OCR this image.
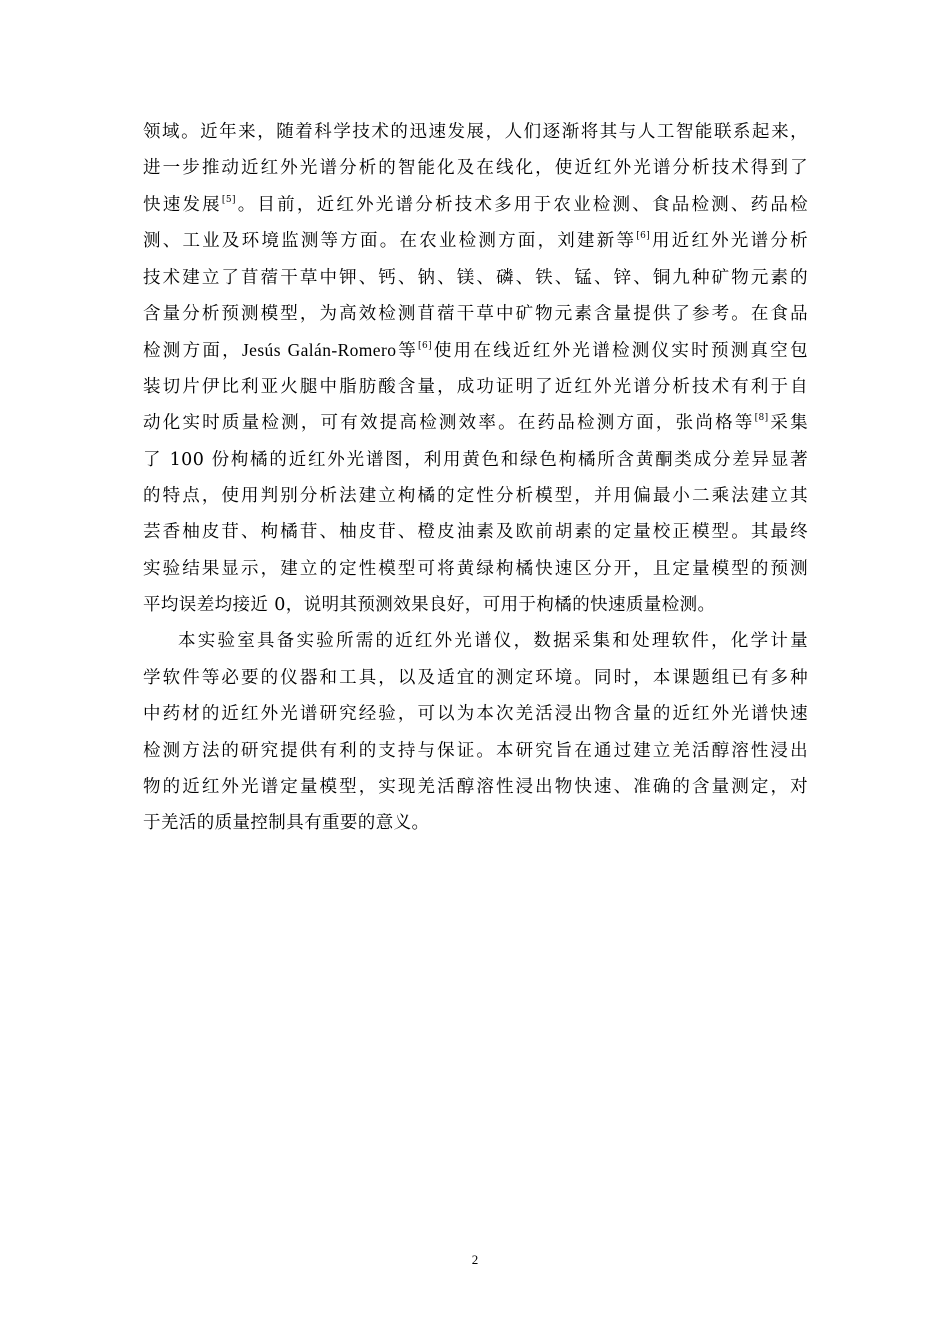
领域。近年来，随着科学技术的迅速发展，人们逐渐将其与人工智能联系起来，
进一步推动近红外光谱分析的智能化及在线化，使近红外光谱分析技术得到了
快速发展[5]。目前，近红外光谱分析技术多用于农业检测、食品检测、药品检
测、工业及环境监测等方面。在农业检测方面，刘建新等[6]用近红外光谱分析
技术建立了苜蓿干草中钾、钙、钠、镁、磷、铁、锰、锌、铜九种矿物元素的
含量分析预测模型，为高效检测苜蓿干草中矿物元素含量提供了参考。在食品
检测方面，Jesús Galán-Romero等[6]使用在线近红外光谱检测仪实时预测真空包
装切片伊比利亚火腿中脂肪酸含量，成功证明了近红外光谱分析技术有利于自
动化实时质量检测，可有效提高检测效率。在药品检测方面，张尚格等[8]采集
了 100 份枸橘的近红外光谱图，利用黄色和绿色枸橘所含黄酮类成分差异显著
的特点，使用判别分析法建立枸橘的定性分析模型，并用偏最小二乘法建立其
芸香柚皮苷、枸橘苷、柚皮苷、橙皮油素及欧前胡素的定量校正模型。其最终
实验结果显示，建立的定性模型可将黄绿枸橘快速区分开，且定量模型的预测
平均误差均接近 0，说明其预测效果良好，可用于枸橘的快速质量检测。

本实验室具备实验所需的近红外光谱仪，数据采集和处理软件，化学计量
学软件等必要的仪器和工具，以及适宜的测定环境。同时，本课题组已有多种
中药材的近红外光谱研究经验，可以为本次羌活浸出物含量的近红外光谱快速
检测方法的研究提供有利的支持与保证。本研究旨在通过建立羌活醇溶性浸出
物的近红外光谱定量模型，实现羌活醇溶性浸出物快速、准确的含量测定，对
于羌活的质量控制具有重要的意义。

2
